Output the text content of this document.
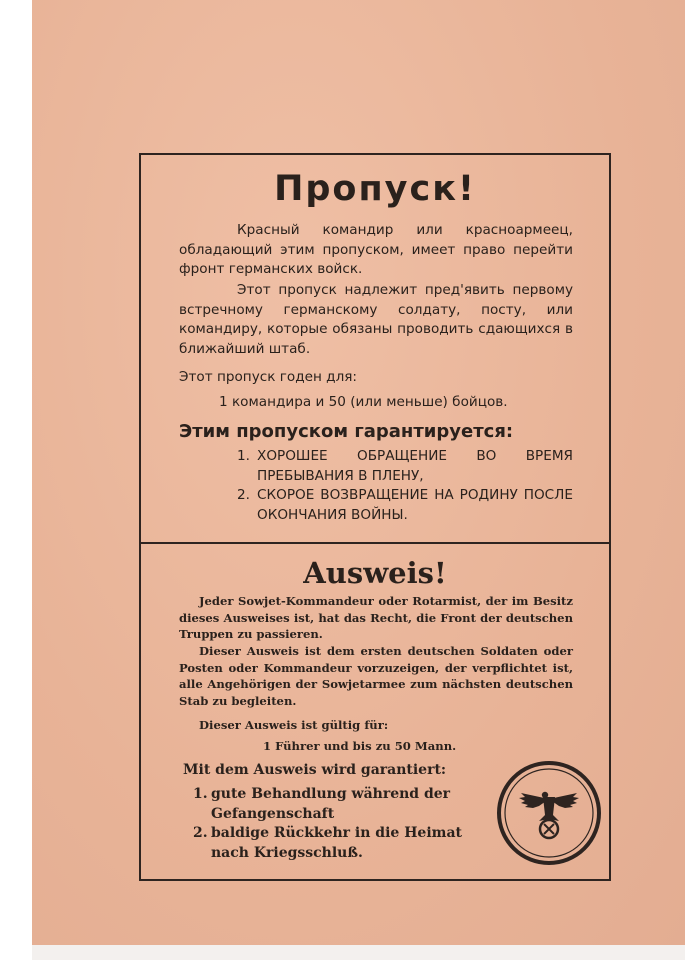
Пропуск!
Красный командир или красноармеец, обладающий этим пропуском, имеет право перейти фронт германских войск.
Этот пропуск надлежит пред'явить первому встречному германскому солдату, посту, или командиру, которые обязаны проводить сдающихся в ближайший штаб.
Этот пропуск годен для:
1 командира и 50 (или меньше) бойцов.
Этим пропуском гарантируется:
1. ХОРОШЕЕ ОБРАЩЕНИЕ ВО ВРЕМЯ ПРЕБЫВАНИЯ В ПЛЕНУ,
2. СКОРОЕ ВОЗВРАЩЕНИЕ НА РОДИНУ ПОСЛЕ ОКОНЧАНИЯ ВОЙНЫ.
Ausweis!
Jeder Sowjet-Kommandeur oder Rotarmist, der im Besitz dieses Ausweises ist, hat das Recht, die Front der deutschen Truppen zu passieren.
Dieser Ausweis ist dem ersten deutschen Soldaten oder Posten oder Kommandeur vorzuzeigen, der verpflichtet ist, alle Angehörigen der Sowjetarmee zum nächsten deutschen Stab zu begleiten.
Dieser Ausweis ist gültig für:
1 Führer und bis zu 50 Mann.
Mit dem Ausweis wird garantiert:
1. gute Behandlung während der Gefangenschaft
2. baldige Rückkehr in die Heimat nach Kriegsschluß.
